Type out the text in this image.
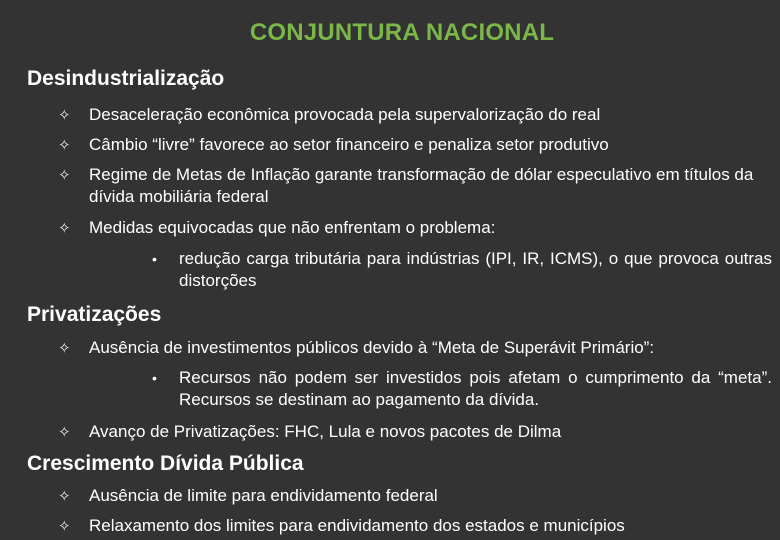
CONJUNTURA NACIONAL
Desindustrialização
✧ Desaceleração econômica provocada pela supervalorização do real
✧ Câmbio “livre” favorece ao setor financeiro e penaliza setor produtivo
✧ Regime de Metas de Inflação garante transformação de dólar especulativo em títulos da dívida mobiliária federal
✧ Medidas equivocadas que não enfrentam o problema:
• redução carga tributária para indústrias (IPI, IR, ICMS), o que provoca outras distorções
Privatizações
✧ Ausência de investimentos públicos devido à “Meta de Superávit Primário”:
• Recursos não podem ser investidos pois afetam o cumprimento da “meta”. Recursos se destinam ao pagamento da dívida.
✧ Avanço de Privatizações: FHC, Lula e novos pacotes de Dilma
Crescimento Dívida Pública
✧ Ausência de limite para endividamento federal
✧ Relaxamento dos limites para endividamento dos estados e municípios
